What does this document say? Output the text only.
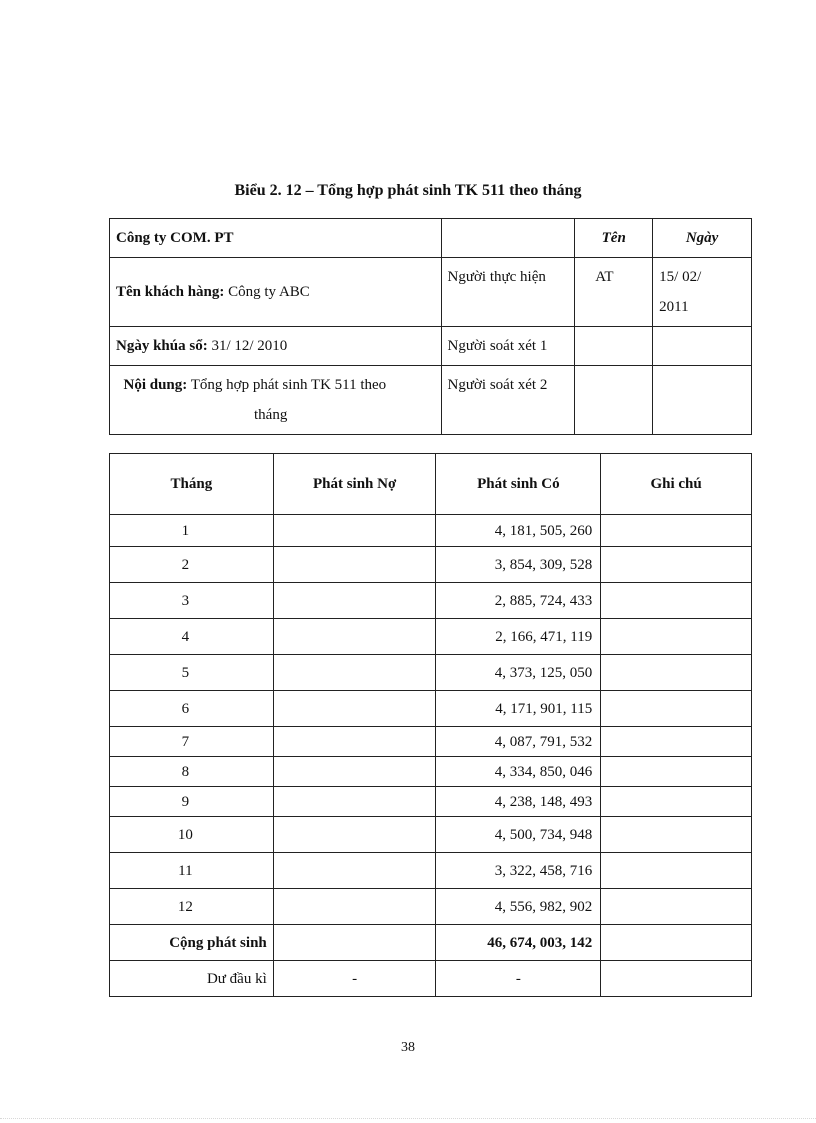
Biểu 2. 12 – Tổng hợp phát sinh TK 511 theo tháng
Công ty COM. PT		Tên	Ngày
Tên khách hàng: Công ty ABC	Người thực hiện	AT	15/ 02/
2011

Ngày khúa sổ: 31/ 12/ 2010	Người soát xét 1		

Nội dung: Tổng hợp phát sinh TK 511 theo
tháng	Người soát xét 2		
Tháng	Phát sinh Nợ	Phát sinh Có	Ghi chú
1		4, 181, 505, 260	
2		3, 854, 309, 528	
3		2, 885, 724, 433	
4		2, 166, 471, 119	
5		4, 373, 125, 050	
6		4, 171, 901, 115	
7		4, 087, 791, 532	
8		4, 334, 850, 046	
9		4, 238, 148, 493	
10		4, 500, 734, 948	
11		3, 322, 458, 716	
12		4, 556, 982, 902	
Cộng phát sinh		46, 674, 003, 142	
Dư đầu kì	-	-	
38
